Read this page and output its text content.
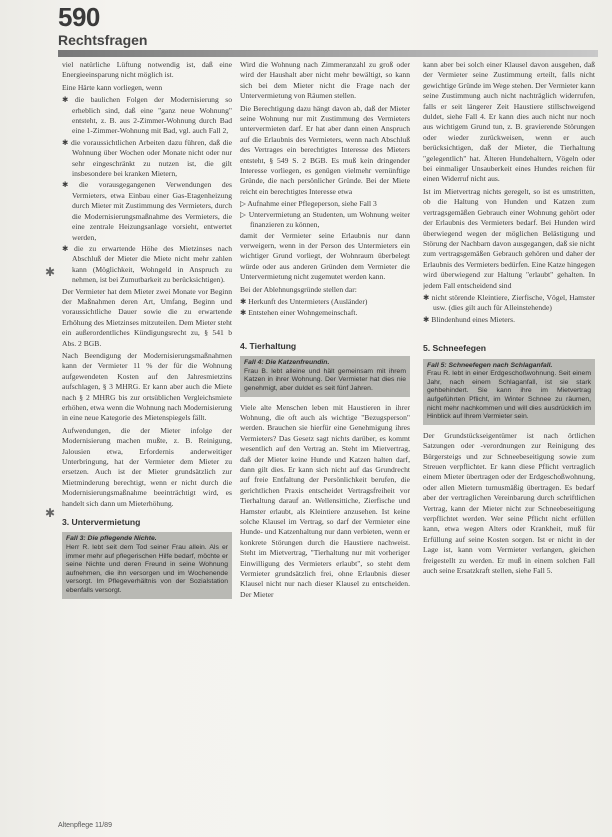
590
Rechtsfragen
✱
✱

viel natürliche Lüftung notwendig ist, daß eine Energieeinsparung nicht möglich ist.

Eine Härte kann vorliegen, wenn

✱ die baulichen Folgen der Modernisierung so erheblich sind, daß eine "ganz neue Wohnung" entsteht, z. B. aus 2-Zimmer-Wohnung durch Bad eine 1-Zimmer-Wohnung mit Bad, vgl. auch Fall 2,
✱ die voraussichtlichen Arbeiten dazu führen, daß die Wohnung über Wochen oder Monate nicht oder nur sehr eingeschränkt zu nutzen ist, die gilt insbesondere bei kranken Mietern,
✱ die vorausgegangenen Verwendungen des Vermieters, etwa Einbau einer Gas-Etagenheizung durch Mieter mit Zustimmung des Vermieters, durch die Modernisierungsmaßnahme des Vermieters, die eine zentrale Heizungsanlage vorsieht, entwertet werden,
✱ die zu erwartende Höhe des Mietzinses nach Abschluß der Mieter die Miete nicht mehr zahlen kann (Möglichkeit, Wohngeld in Anspruch zu nehmen, ist bei Zumutbarkeit zu berücksichtigen).

Der Vermieter hat dem Mieter zwei Monate vor Beginn der Maßnahmen deren Art, Umfang, Beginn und voraussichtliche Dauer sowie die zu erwartende Erhöhung des Mietzinses mitzuteilen. Dem Mieter steht ein außerordentliches Kündigungsrecht zu, § 541 b Abs. 2 BGB.

Nach Beendigung der Modernisierungsmaßnahmen kann der Vermieter 11 % der für die Wohnung aufgewendeten Kosten auf den Jahresmietzins aufschlagen, § 3 MHRG. Er kann aber auch die Miete nach § 2 MHRG bis zur ortsüblichen Vergleichsmiete erhöhen, etwa wenn die Wohnung nach Modernisierung in eine neue Kategorie des Mietenspiegels fällt.

Aufwendungen, die der Mieter infolge der Modernisierung machen mußte, z. B. Reinigung, Jalousien etwa, Erfordernis anderweitiger Unterbringung, hat der Vermieter dem Mieter zu ersetzen. Auch ist der Mieter grundsätzlich zur Mietminderung berechtigt, wenn er nicht durch die Modernisierungsmaßnahme beeinträchtigt wird, es handelt sich dann um Mieterhöhung.

3. Untervermietung
Fall 3: Die pflegende Nichte.
Herr R. lebt seit dem Tod seiner Frau allein. Als er immer mehr auf pflegerischen Hilfe bedarf, möchte er seine Nichte und deren Freund in seine Wohnung aufnehmen, die ihn versorgen und im Wochenende versorgt. Im Pflegeverhältnis von der Sozialstation ebenfalls versorgt.

Wird die Wohnung nach Zimmeranzahl zu groß oder wird der Haushalt aber nicht mehr bewältigt, so kann sich bei dem Mieter nicht die Frage nach der Untervermietung von Räumen stellen.

Die Berechtigung dazu hängt davon ab, daß der Mieter seine Wohnung nur mit Zustimmung des Vermieters untervermieten darf. Er hat aber dann einen Anspruch auf die Erlaubnis des Vermieters, wenn nach Abschluß des Vertrages ein berechtigtes Interesse des Mieters entsteht, § 549 S. 2 BGB. Es muß kein dringender Interesse vorliegen, es genügen vielmehr vernünftige Gründe, die nach persönlicher Gründe. Bei der Miete reicht ein berechtigtes Interesse etwa

▷ Aufnahme einer Pflegeperson, siehe Fall 3
▷ Untervermietung an Studenten, um Wohnung weiter finanzieren zu können,

damit der Vermieter seine Erlaubnis nur dann verweigern, wenn in der Person des Untermieters ein wichtiger Grund vorliegt, der Wohnraum überbelegt würde oder aus anderen Gründen dem Vermieter die Untervermietung nicht zugemutet werden kann.

Bei der Ablehnungsgründe stellen dar:

✱ Herkunft des Untermieters (Ausländer)
✱ Entstehen einer Wohngemeinschaft.
4. Tierhaltung
Fall 4: Die Katzenfreundin.
Frau B. lebt alleine und hält gemeinsam mit ihrem Katzen in ihrer Wohnung. Der Vermieter hat dies nie genehmigt, aber duldet es seit fünf Jahren.

Viele alte Menschen leben mit Haustieren in ihrer Wohnung, die oft auch als wichtige "Bezugsperson" werden. Brauchen sie hierfür eine Genehmigung ihres Vermieters? Das Gesetz sagt nichts darüber, es kommt wesentlich auf den Vertrag an. Steht im Mietvertrag, daß der Mieter keine Hunde und Katzen halten darf, dann gilt dies. Er kann sich nicht auf das Grundrecht auf freie Entfaltung der Persönlichkeit berufen, die gerichtlichen Praxis entscheidet Vertragsfreiheit vor Tierhaltung darauf an. Wellensittiche, Zierfische und Hamster erlaubt, als Kleintiere anzusehen. Ist keine solche Klausel im Vertrag, so darf der Vermieter eine Hunde- und Katzenhaltung nur dann verbieten, wenn er konkrete Störungen durch die Haustiere nachweist. Steht im Mietvertrag, "Tierhaltung nur mit vorheriger Einwilligung des Vermieters erlaubt", so steht dem Vermieter grundsätzlich frei, ohne Erlaubnis dieser Klausel nicht nur nach dieser Klausel zu entscheiden. Der Mieter

kann aber bei solch einer Klausel davon ausgehen, daß der Vermieter seine Zustimmung erteilt, falls nicht gewichtige Gründe im Wege stehen. Der Vermieter kann seine Zustimmung auch nicht nachträglich widerrufen, falls er seit längerer Zeit Haustiere stillschweigend duldet, siehe Fall 4. Er kann dies auch nicht nur noch aus wichtigem Grund tun, z. B. gravierende Störungen oder wieder zurückweisen, wenn er auch berücksichtigen, daß der Mieter, die Tierhaltung "gelegentlich" hat. Älteren Hundehaltern, Vögeln oder bei einmaliger Unsauberkeit eines Hundes reichen für einen Widerruf nicht aus.

Ist im Mietvertrag nichts geregelt, so ist es umstritten, ob die Haltung von Hunden und Katzen zum vertragsgemäßen Gebrauch einer Wohnung gehört oder der Erlaubnis des Vermieters bedarf. Bei Hunden wird überwiegend wegen der möglichen Belästigung und Störung der Nachbarn davon ausgegangen, daß sie nicht zum vertragsgemäßen Gebrauch gehören und daher der Erlaubnis des Vermieters bedürfen. Eine Katze hingegen wird überwiegend zur Haltung "erlaubt" gehalten. In jedem Fall entscheidend sind

✱ nicht störende Kleintiere, Zierfische, Vögel, Hamster usw. (dies gilt auch für Alleinstehende)
✱ Blindenhund eines Mieters.
5. Schneefegen
Fall 5: Schneefegen nach Schlaganfall.
Frau R. lebt in einer Erdgeschoßwohnung. Seit einem Jahr, nach einem Schlaganfall, ist sie stark gehbehindert. Sie kann ihre im Mietvertrag aufgeführten Pflicht, im Winter Schnee zu räumen, nicht mehr nachkommen und will dies ausdrücklich im Hinblick auf Ihrem Vermieter sein.

Der Grundstückseigentümer ist nach örtlichen Satzungen oder -verordnungen zur Reinigung des Bürgersteigs und zur Schneebeseitigung sowie zum Streuen verpflichtet. Er kann diese Pflicht vertraglich einem Mieter übertragen oder der Erdgeschoßwohnung, oder allen Mietern turnusmäßig übertragen. Es bedarf aber der vertraglichen Vereinbarung durch schriftlichen Vertrag, kann der Mieter nicht zur Schneebeseitigung verpflichtet werden. Wer seine Pflicht nicht erfüllen kann, etwa wegen Alters oder Krankheit, muß für Erfüllung auf seine Kosten sorgen. Ist er nicht in der Lage ist, kann vom Vermieter verlangen, gleichen freigestellt zu werden. Er muß in einem solchen Fall auch seine Ersatzkraft stellen, siehe Fall 5.

Altenpflege 11/89
